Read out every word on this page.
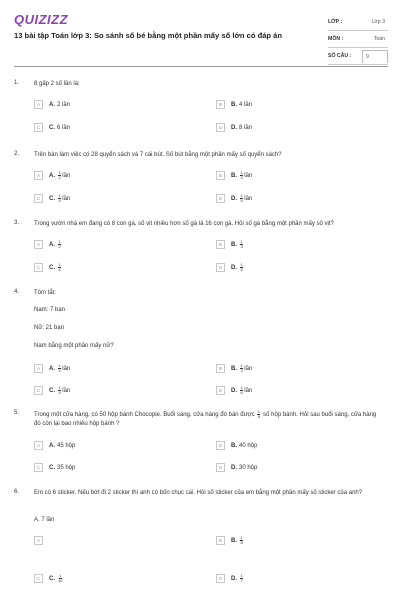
QUIZIZZ
13 bài tập Toán lớp 3: So sánh số bé bằng một phần mấy số lớn có đáp án
LỚP :	Lớp 3
MÔN :	Toán
SỐ CÂU :	9
1. 8 gấp 2 số lần là:
A	A. 2 lần	B	B. 4 lần
C	C. 6 lần	D	D. 8 lần
2. Trên bàn làm việc có 28 quyển sách và 7 cái bút. Số bút bằng một phần mấy số quyển sách?
A	A. $\frac{1}{2}$ lần	B	B. $\frac{1}{3}$ lần
C	C. $\frac{1}{4}$ lần	D	D. $\frac{1}{5}$ lần
3. Trong vườn nhà em đang có 8 con gà, số vịt nhiều hơn số gà là 16 con gà. Hỏi số gà bằng một phần mấy số vịt?
A	A. $\frac{1}{2}$	B	B. $\frac{1}{3}$
C	C. $\frac{1}{4}$	D	D. $\frac{1}{5}$
4. Tóm tắt:
Nam: 7 bạn
Nữ: 21 bạn
Nam bằng một phần mấy nữ?
A	A. $\frac{1}{2}$ lần	B	B. $\frac{1}{3}$ lần
C	C. $\frac{1}{4}$ lần	D	D. $\frac{1}{6}$ lần
5. Trong một cửa hàng, có 50 hộp bánh Chocopie. Buổi sáng, cửa hàng đó bán được $\frac{1}{5}$ số hộp bánh. Hỏi sau buổi sáng, cửa hàng đó còn lại bao nhiêu hộp bánh ?
A	A. 45 hộp	B	B. 40 hộp
C	C. 35 hộp	D	D. 30 hộp
6. Em có 6 sticker. Nếu bớt đi 2 sticker thì anh có bốn chục cái. Hỏi số sticker của em bằng một phần mấy số sticker của anh?
A. 7 lần
A	B	B. $\frac{1}{8}$
C	C. $\frac{1}{10}$	D	D. $\frac{1}{7}$
